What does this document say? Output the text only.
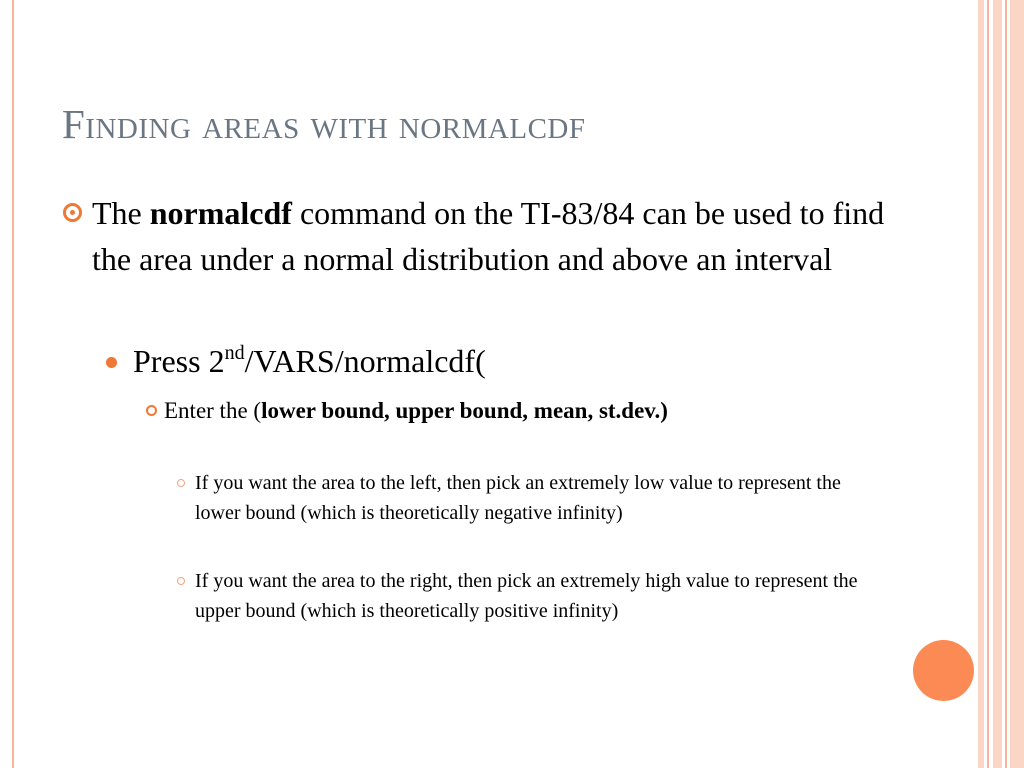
Finding areas with normalcdf
The normalcdf command on the TI-83/84 can be used to find the area under a normal distribution and above an interval
Press 2nd/VARS/normalcdf(
Enter the (lower bound, upper bound, mean, st.dev.)
If you want the area to the left, then pick an extremely low value to represent the lower bound (which is theoretically negative infinity)
If you want the area to the right, then pick an extremely high value to represent the upper bound (which is theoretically positive infinity)
